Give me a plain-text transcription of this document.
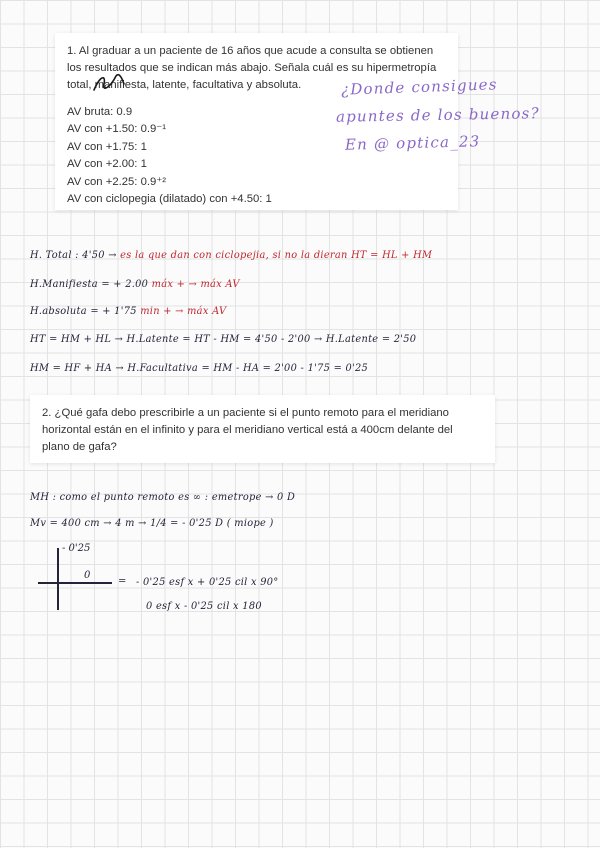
1. Al graduar a un paciente de 16 años que acude a consulta se obtienen los resultados que se indican más abajo. Señala cuál es su hipermetropía total, manifiesta, latente, facultativa y absoluta.

AV bruta: 0.9

AV con +1.50: 0.9⁻¹

AV con +1.75: 1

AV con +2.00: 1

AV con +2.25: 0.9⁺²

AV con ciclopegia (dilatado) con +4.50: 1

¿Donde consigues
apuntes de los buenos?
En @ optica_23
H. Total : 4'50 → es la que dan con ciclopejia, si no la dieran HT = HL + HM
H.Manifiesta = + 2.00 máx + → máx AV
H.absoluta = + 1'75 min + → máx AV
HT = HM + HL → H.Latente = HT - HM = 4'50 - 2'00 → H.Latente = 2'50
HM = HF + HA → H.Facultativa = HM - HA = 2'00 - 1'75 = 0'25

2. ¿Qué gafa debo prescribirle a un paciente si el punto remoto para el meridiano horizontal están en el infinito y para el meridiano vertical está a 400cm delante del plano de gafa?

MH : como el punto remoto es ∞ : emetrope → 0 D
Mv = 400 cm → 4 m → 1/4 = - 0'25 D ( miope )
- 0'25
0
= - 0'25 esf x + 0'25 cil x 90°
0 esf x - 0'25 cil x 180
